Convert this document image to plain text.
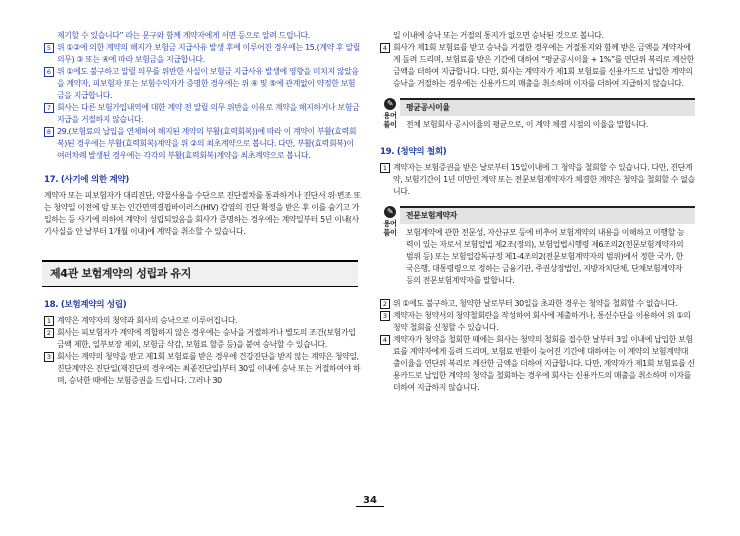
제기할 수 있습니다” 라는 문구와 함께 계약자에게 서면 등으로 알려 드립니다.

5 위 ①②에 의한 계약의 해지가 보험금 지급사유 발생 후에 이루어진 경우에는 15.(계약 후 알릴 의무) ③ 또는 ④에 따라 보험금을 지급합니다.
6 위 ①에도 불구하고 알릴 의무를 위반한 사실이 보험금 지급사유 발생에 영향을 미치지 않았음을 계약자, 피보험자 또는 보험수익자가 증명한 경우에는 위 ④ 및 ⑤에 관계없이 약정한 보험금을 지급합니다.
7 회사는 다른 보험가입내역에 대한 계약 전 알릴 의무 위반을 이유로 계약을 해지하거나 보험금 지급을 거절하지 않습니다.
8 29.(보험료의 납입을 연체하여 해지된 계약의 부활(효력회복))에 따라 이 계약이 부활(효력회복)된 경우에는 부활(효력회복)계약을 위 ②의 최초계약으로 봅니다. 다만, 부활(효력회복)이 여러차례 발생된 경우에는 각각의 부활(효력회복)계약을 최초계약으로 봅니다.
17. (사기에 의한 계약)

계약자 또는 피보험자가 대리진단, 약물사용을 수단으로 진단절차를 통과하거나 진단서 위·변조 또는 청약일 이전에 암 또는 인간면역결핍바이러스(HIV) 감염의 진단 확정을 받은 후 이를 숨기고 가입하는 등 사기에 의하여 계약이 성립되었음을 회사가 증명하는 경우에는 계약일부터 5년 이내(사기사실을 안 날부터 1개월 이내)에 계약을 취소할 수 있습니다.

제4관 보험계약의 성립과 유지
18. (보험계약의 성립)
1 계약은 계약자의 청약과 회사의 승낙으로 이루어집니다.
2 회사는 피보험자가 계약에 적합하지 않은 경우에는 승낙을 거절하거나 별도의 조건(보험가입금액 제한, 일부보장 제외, 보험금 삭감, 보험료 할증 등)을 붙여 승낙할 수 있습니다.
3 회사는 계약의 청약을 받고 제1회 보험료를 받은 경우에 건강진단을 받지 않는 계약은 청약일, 진단계약은 진단일(재진단의 경우에는 최종진단일)부터 30일 이내에 승낙 또는 거절하여야 하며, 승낙한 때에는 보험증권을 드립니다. 그러나 30

일 이내에 승낙 또는 거절의 통지가 없으면 승낙된 것으로 봅니다.

4 회사가 제1회 보험료를 받고 승낙을 거절한 경우에는 거절통지와 함께 받은 금액을 계약자에게 돌려 드리며, 보험료를 받은 기간에 대하여 “평균공시이율 + 1%”를 연단위 복리로 계산한 금액을 더하여 지급합니다. 다만, 회사는 계약자가 제1회 보험료를 신용카드로 납입한 계약의 승낙을 거절하는 경우에는 신용카드의 매출을 취소하며 이자를 더하여 지급하지 않습니다.
✎
용어
풀이
평균공시이율
전체 보험회사 공시이율의 평균으로, 이 계약 체결 시점의 이율을 말합니다.
19. (청약의 철회)
1 계약자는 보험증권을 받은 날로부터 15일이내에 그 청약을 철회할 수 있습니다. 다만, 진단계약, 보험기간이 1년 미만인 계약 또는 전문보험계약자가 체결한 계약은 청약을 철회할 수 없습니다.
✎
용어
풀이
전문보험계약자
보험계약에 관한 전문성, 자산규모 등에 비추어 보험계약의 내용을 이해하고 이행할 능력이 있는 자로서 보험업법 제2조(정의), 보험업법시행령 제6조의2(전문보험계약자의 범위 등) 또는 보험업감독규정 제1-4조의2(전문보험계약자의 범위)에서 정한 국가, 한국은행, 대통령령으로 정하는 금융기관, 주권상장법인, 지방자치단체, 단체보험계약자 등의 전문보험계약자를 말합니다.
2 위 ①에도 불구하고, 청약한 날로부터 30일을 초과한 경우는 청약을 철회할 수 없습니다.
3 계약자는 청약서의 청약철회란을 작성하여 회사에 제출하거나, 통신수단을 이용하여 위 ①의 청약 철회를 신청할 수 있습니다.
4 계약자가 청약을 철회한 때에는 회사는 청약의 철회를 접수한 날부터 3일 이내에 납입한 보험료를 계약자에게 돌려 드리며, 보험료 반환이 늦어진 기간에 대하여는 이 계약의 보험계약대출이율을 연단위 복리로 계산한 금액을 더하여 지급합니다. 다만, 계약자가 제1회 보험료를 신용카드로 납입한 계약의 청약을 철회하는 경우에 회사는 신용카드의 매출을 취소하며 이자를 더하여 지급하지 않습니다.
34
